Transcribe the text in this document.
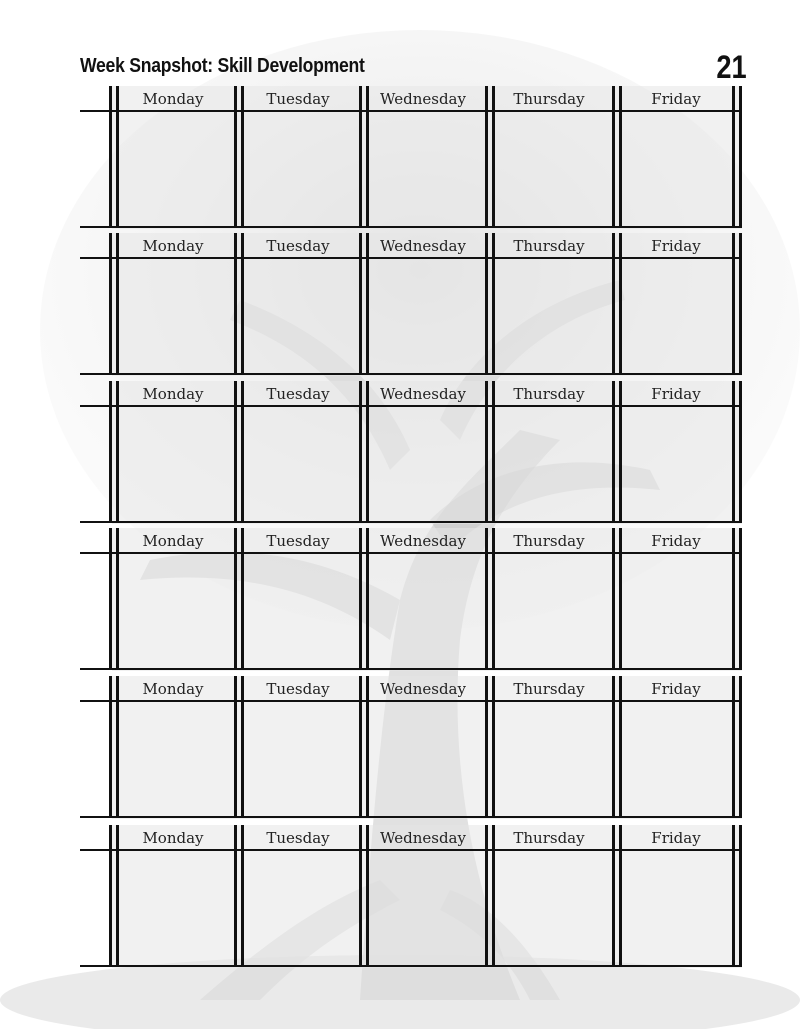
Week Snapshot: Skill Development	21
Monday	Tuesday	Wednesday	Thursday	Friday
Monday	Tuesday	Wednesday	Thursday	Friday
Monday	Tuesday	Wednesday	Thursday	Friday
Monday	Tuesday	Wednesday	Thursday	Friday
Monday	Tuesday	Wednesday	Thursday	Friday
Monday	Tuesday	Wednesday	Thursday	Friday
